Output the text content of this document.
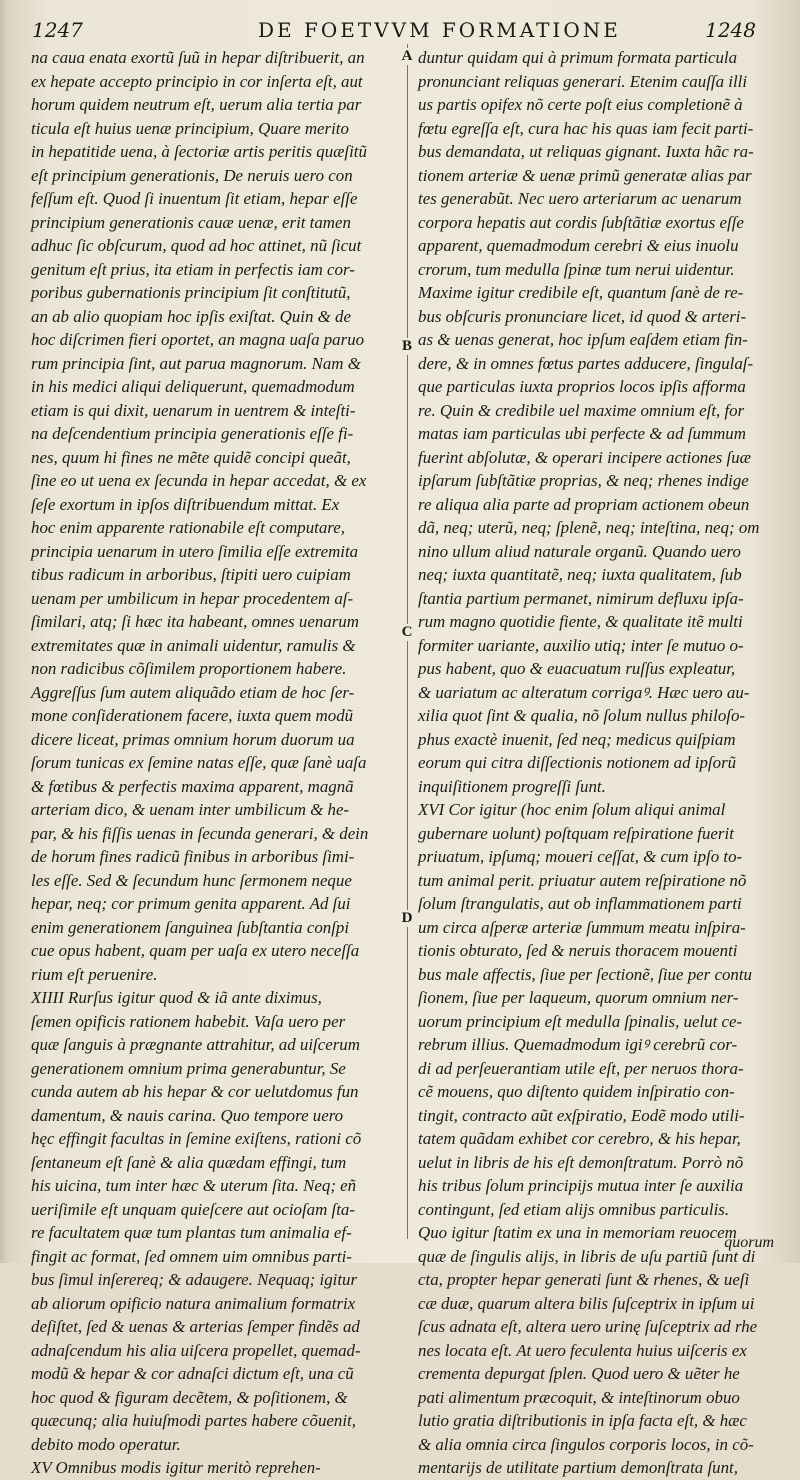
1247	DE FOETVVM FORMATIONE	1248
A
B
C
D
na caua enata exortũ ſuũ in hepar diſtribuerit, an
ex hepate accepto principio in cor inſerta eſt, aut
horum quidem neutrum eſt, uerum alia tertia par
ticula eſt huius uenæ principium, Quare merito
in hepatitide uena, à ſectoriæ artis peritis quæſitũ
eſt principium generationis, De neruis uero con
feſſum eſt. Quod ſi inuentum ſit etiam, hepar eſſe
principium generationis cauæ uenæ, erit tamen
adhuc ſic obſcurum, quod ad hoc attinet, nũ ſicut
genitum eſt prius, ita etiam in perfectis iam cor-
poribus gubernationis principium ſit conſtitutũ,
an ab alio quopiam hoc ipſis exiſtat. Quin & de
hoc diſcrimen fieri oportet, an magna uaſa paruo
rum principia ſint, aut parua magnorum. Nam &
in his medici aliqui deliquerunt, quemadmodum
etiam is qui dixit, uenarum in uentrem & inteſti-
na deſcendentium principia generationis eſſe fi-
nes, quum hi fines ne mẽte quidẽ concipi queãt,
ſine eo ut uena ex ſecunda in hepar accedat, & ex
ſeſe exortum in ipſos diſtribuendum mittat. Ex
hoc enim apparente rationabile eſt computare,
principia uenarum in utero ſimilia eſſe extremita
tibus radicum in arboribus, ſtipiti uero cuipiam
uenam per umbilicum in hepar procedentem aſ-
ſimilari, atq; ſi hæc ita habeant, omnes uenarum
extremitates quæ in animali uidentur, ramulis &
non radicibus cõſimilem proportionem habere.
Aggreſſus ſum autem aliquãdo etiam de hoc ſer-
mone conſiderationem facere, iuxta quem modũ
dicere liceat, primas omnium horum duorum ua
ſorum tunicas ex ſemine natas eſſe, quæ ſanè uaſa
& fœtibus & perfectis maxima apparent, magnã
arteriam dico, & uenam inter umbilicum & he-
par, & his fiſſis uenas in ſecunda generari, & dein
de horum fines radicũ finibus in arboribus ſimi-
les eſſe. Sed & ſecundum hunc ſermonem neque
hepar, neq; cor primum genita apparent. Ad ſui
enim generationem ſanguinea ſubſtantia conſpi
cue opus habent, quam per uaſa ex utero neceſſa
rium eſt peruenire.
XIIII Rurſus igitur quod & iã ante diximus,
ſemen opificis rationem habebit. Vaſa uero per
quæ ſanguis à prægnante attrahitur, ad uiſcerum
generationem omnium prima generabuntur, Se
cunda autem ab his hepar & cor uelutdomus fun
damentum, & nauis carina. Quo tempore uero
hęc effingit facultas in ſemine exiſtens, rationi cõ
ſentaneum eſt ſanè & alia quædam effingi, tum
his uicina, tum inter hæc & uterum ſita. Neq; eñ
ueriſimile eſt unquam quieſcere aut ocioſam ſta-
re facultatem quæ tum plantas tum animalia ef-
fingit ac format, ſed omnem uim omnibus parti-
bus ſimul inſerereq; & adaugere. Nequaq; igitur
ab aliorum opificio natura animalium formatrix
deſiſtet, ſed & uenas & arterias ſemper findẽs ad
adnaſcendum his alia uiſcera propellet, quemad-
modũ & hepar & cor adnaſci dictum eſt, una cũ
hoc quod & figuram decẽtem, & poſitionem, &
quæcunq; alia huiuſmodi partes habere cõuenit,
debito modo operatur.
XV Omnibus modis igitur meritò reprehen-
duntur quidam qui à primum formata particula
pronunciant reliquas generari. Etenim cauſſa illi
us partis opifex nõ certe poſt eius completionẽ à
fœtu egreſſa eſt, cura hac his quas iam fecit parti-
bus demandata, ut reliquas gignant. Iuxta hãc ra-
tionem arteriæ & uenæ primũ generatæ alias par
tes generabũt. Nec uero arteriarum ac uenarum
corpora hepatis aut cordis ſubſtãtiæ exortus eſſe
apparent, quemadmodum cerebri & eius inuolu
crorum, tum medulla ſpinæ tum nerui uidentur.
Maxime igitur credibile eſt, quantum ſanè de re-
bus obſcuris pronunciare licet, id quod & arteri-
as & uenas generat, hoc ipſum eaſdem etiam fin-
dere, & in omnes fœtus partes adducere, ſingulaſ-
que particulas iuxta proprios locos ipſis afforma
re. Quin & credibile uel maxime omnium eſt, for
matas iam particulas ubi perfecte & ad ſummum
fuerint abſolutæ, & operari incipere actiones ſuæ
ipſarum ſubſtãtiæ proprias, & neq; rhenes indige
re aliqua alia parte ad propriam actionem obeun
dã, neq; uterũ, neq; ſplenẽ, neq; inteſtina, neq; om
nino ullum aliud naturale organũ. Quando uero
neq; iuxta quantitatẽ, neq; iuxta qualitatem, ſub
ſtantia partium permanet, nimirum defluxu ipſa-
rum magno quotidie fiente, & qualitate itẽ multi
formiter uariante, auxilio utiq; inter ſe mutuo o-
pus habent, quo & euacuatum ruſſus expleatur,
& uariatum ac alteratum corrigaꝰ. Hæc uero au-
xilia quot ſint & qualia, nõ ſolum nullus philoſo-
phus exactè inuenit, ſed neq; medicus quiſpiam
eorum qui citra diſſectionis notionem ad ipſorũ
inquiſitionem progreſſi ſunt.
XVI Cor igitur (hoc enim ſolum aliqui animal
gubernare uolunt) poſtquam reſpiratione fuerit
priuatum, ipſumq; moueri ceſſat, & cum ipſo to-
tum animal perit. priuatur autem reſpiratione nõ
ſolum ſtrangulatis, aut ob inflammationem parti
um circa aſperæ arteriæ ſummum meatu inſpira-
tionis obturato, ſed & neruis thoracem mouenti
bus male affectis, ſiue per ſectionẽ, ſiue per contu
ſionem, ſiue per laqueum, quorum omnium ner-
uorum principium eſt medulla ſpinalis, uelut ce-
rebrum illius. Quemadmodum igiꝰ cerebrũ cor-
di ad perſeuerantiam utile eſt, per neruos thora-
cẽ mouens, quo diſtento quidem inſpiratio con-
tingit, contracto aũt exſpiratio, Eodẽ modo utili-
tatem quãdam exhibet cor cerebro, & his hepar,
uelut in libris de his eſt demonſtratum. Porrò nõ
his tribus ſolum principijs mutua inter ſe auxilia
contingunt, ſed etiam alijs omnibus particulis.
Quo igitur ſtatim ex una in memoriam reuocem
quæ de ſingulis alijs, in libris de uſu partiũ ſunt di
cta, propter hepar generati ſunt & rhenes, & ueſi
cæ duæ, quarum altera bilis ſuſceptrix in ipſum ui
ſcus adnata eſt, altera uero urinę ſuſceptrix ad rhe
nes locata eſt. At uero feculenta huius uiſceris ex
crementa depurgat ſplen. Quod uero & uẽter he
pati alimentum præcoquit, & inteſtinorum obuo
lutio gratia diſtributionis in ipſa facta eſt, & hæc
& alia omnia circa ſingulos corporis locos, in cõ-
mentarijs de utilitate partium demonſtrata ſunt,
quorum
